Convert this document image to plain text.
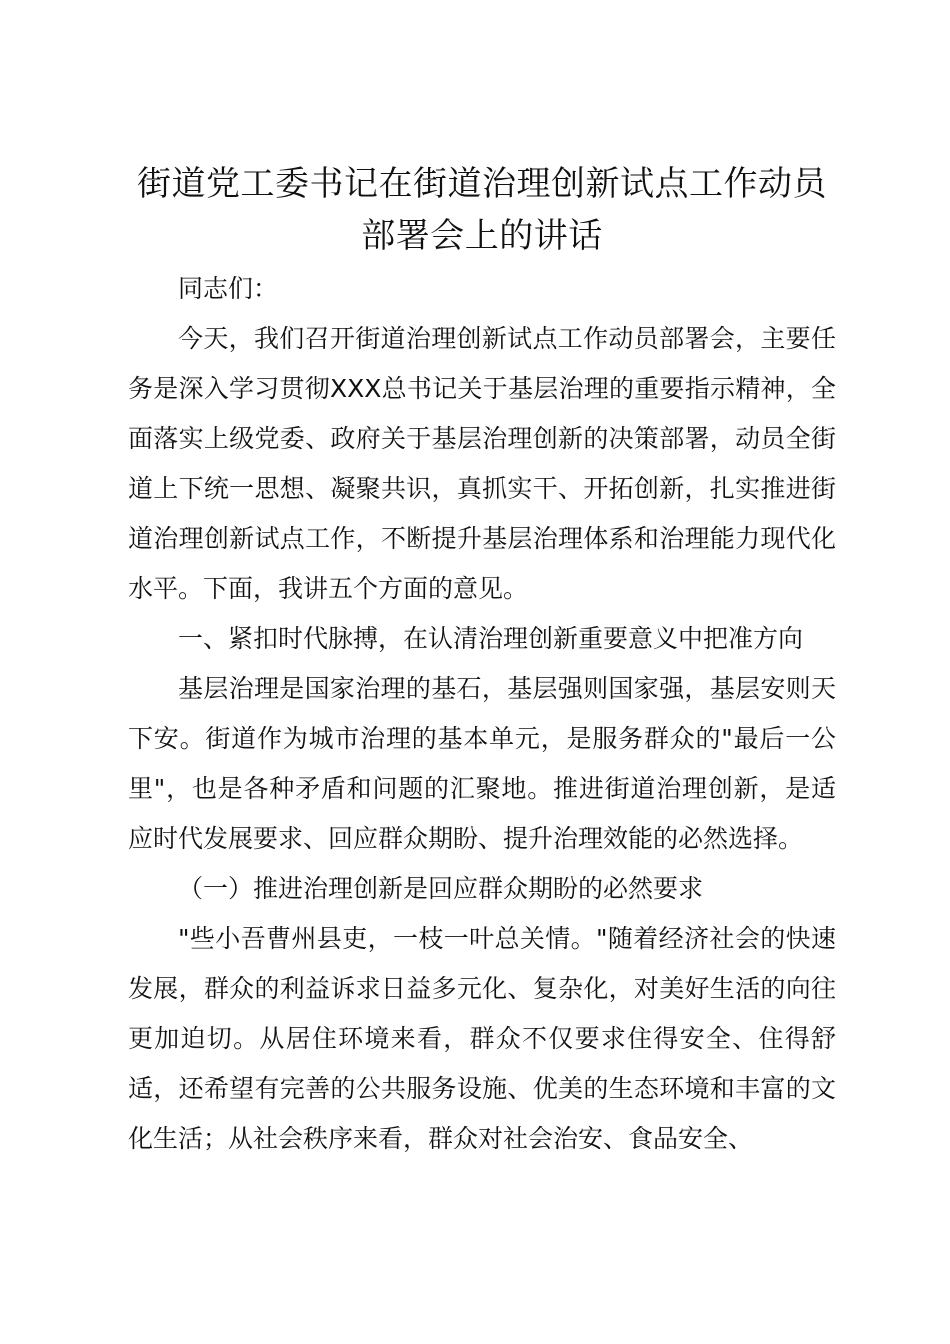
街道党工委书记在街道治理创新试点工作动员部署会上的讲话

同志们：

今天，我们召开街道治理创新试点工作动员部署会，主要任务是深入学习贯彻XXX总书记关于基层治理的重要指示精神，全面落实上级党委、政府关于基层治理创新的决策部署，动员全街道上下统一思想、凝聚共识，真抓实干、开拓创新，扎实推进街道治理创新试点工作，不断提升基层治理体系和治理能力现代化水平。下面，我讲五个方面的意见。

一、紧扣时代脉搏，在认清治理创新重要意义中把准方向

基层治理是国家治理的基石，基层强则国家强，基层安则天下安。街道作为城市治理的基本单元，是服务群众的"最后一公里"，也是各种矛盾和问题的汇聚地。推进街道治理创新，是适应时代发展要求、回应群众期盼、提升治理效能的必然选择。

（一）推进治理创新是回应群众期盼的必然要求

"些小吾曹州县吏，一枝一叶总关情。"随着经济社会的快速发展，群众的利益诉求日益多元化、复杂化，对美好生活的向往更加迫切。从居住环境来看，群众不仅要求住得安全、住得舒适，还希望有完善的公共服务设施、优美的生态环境和丰富的文化生活；从社会秩序来看，群众对社会治安、食品安全、
